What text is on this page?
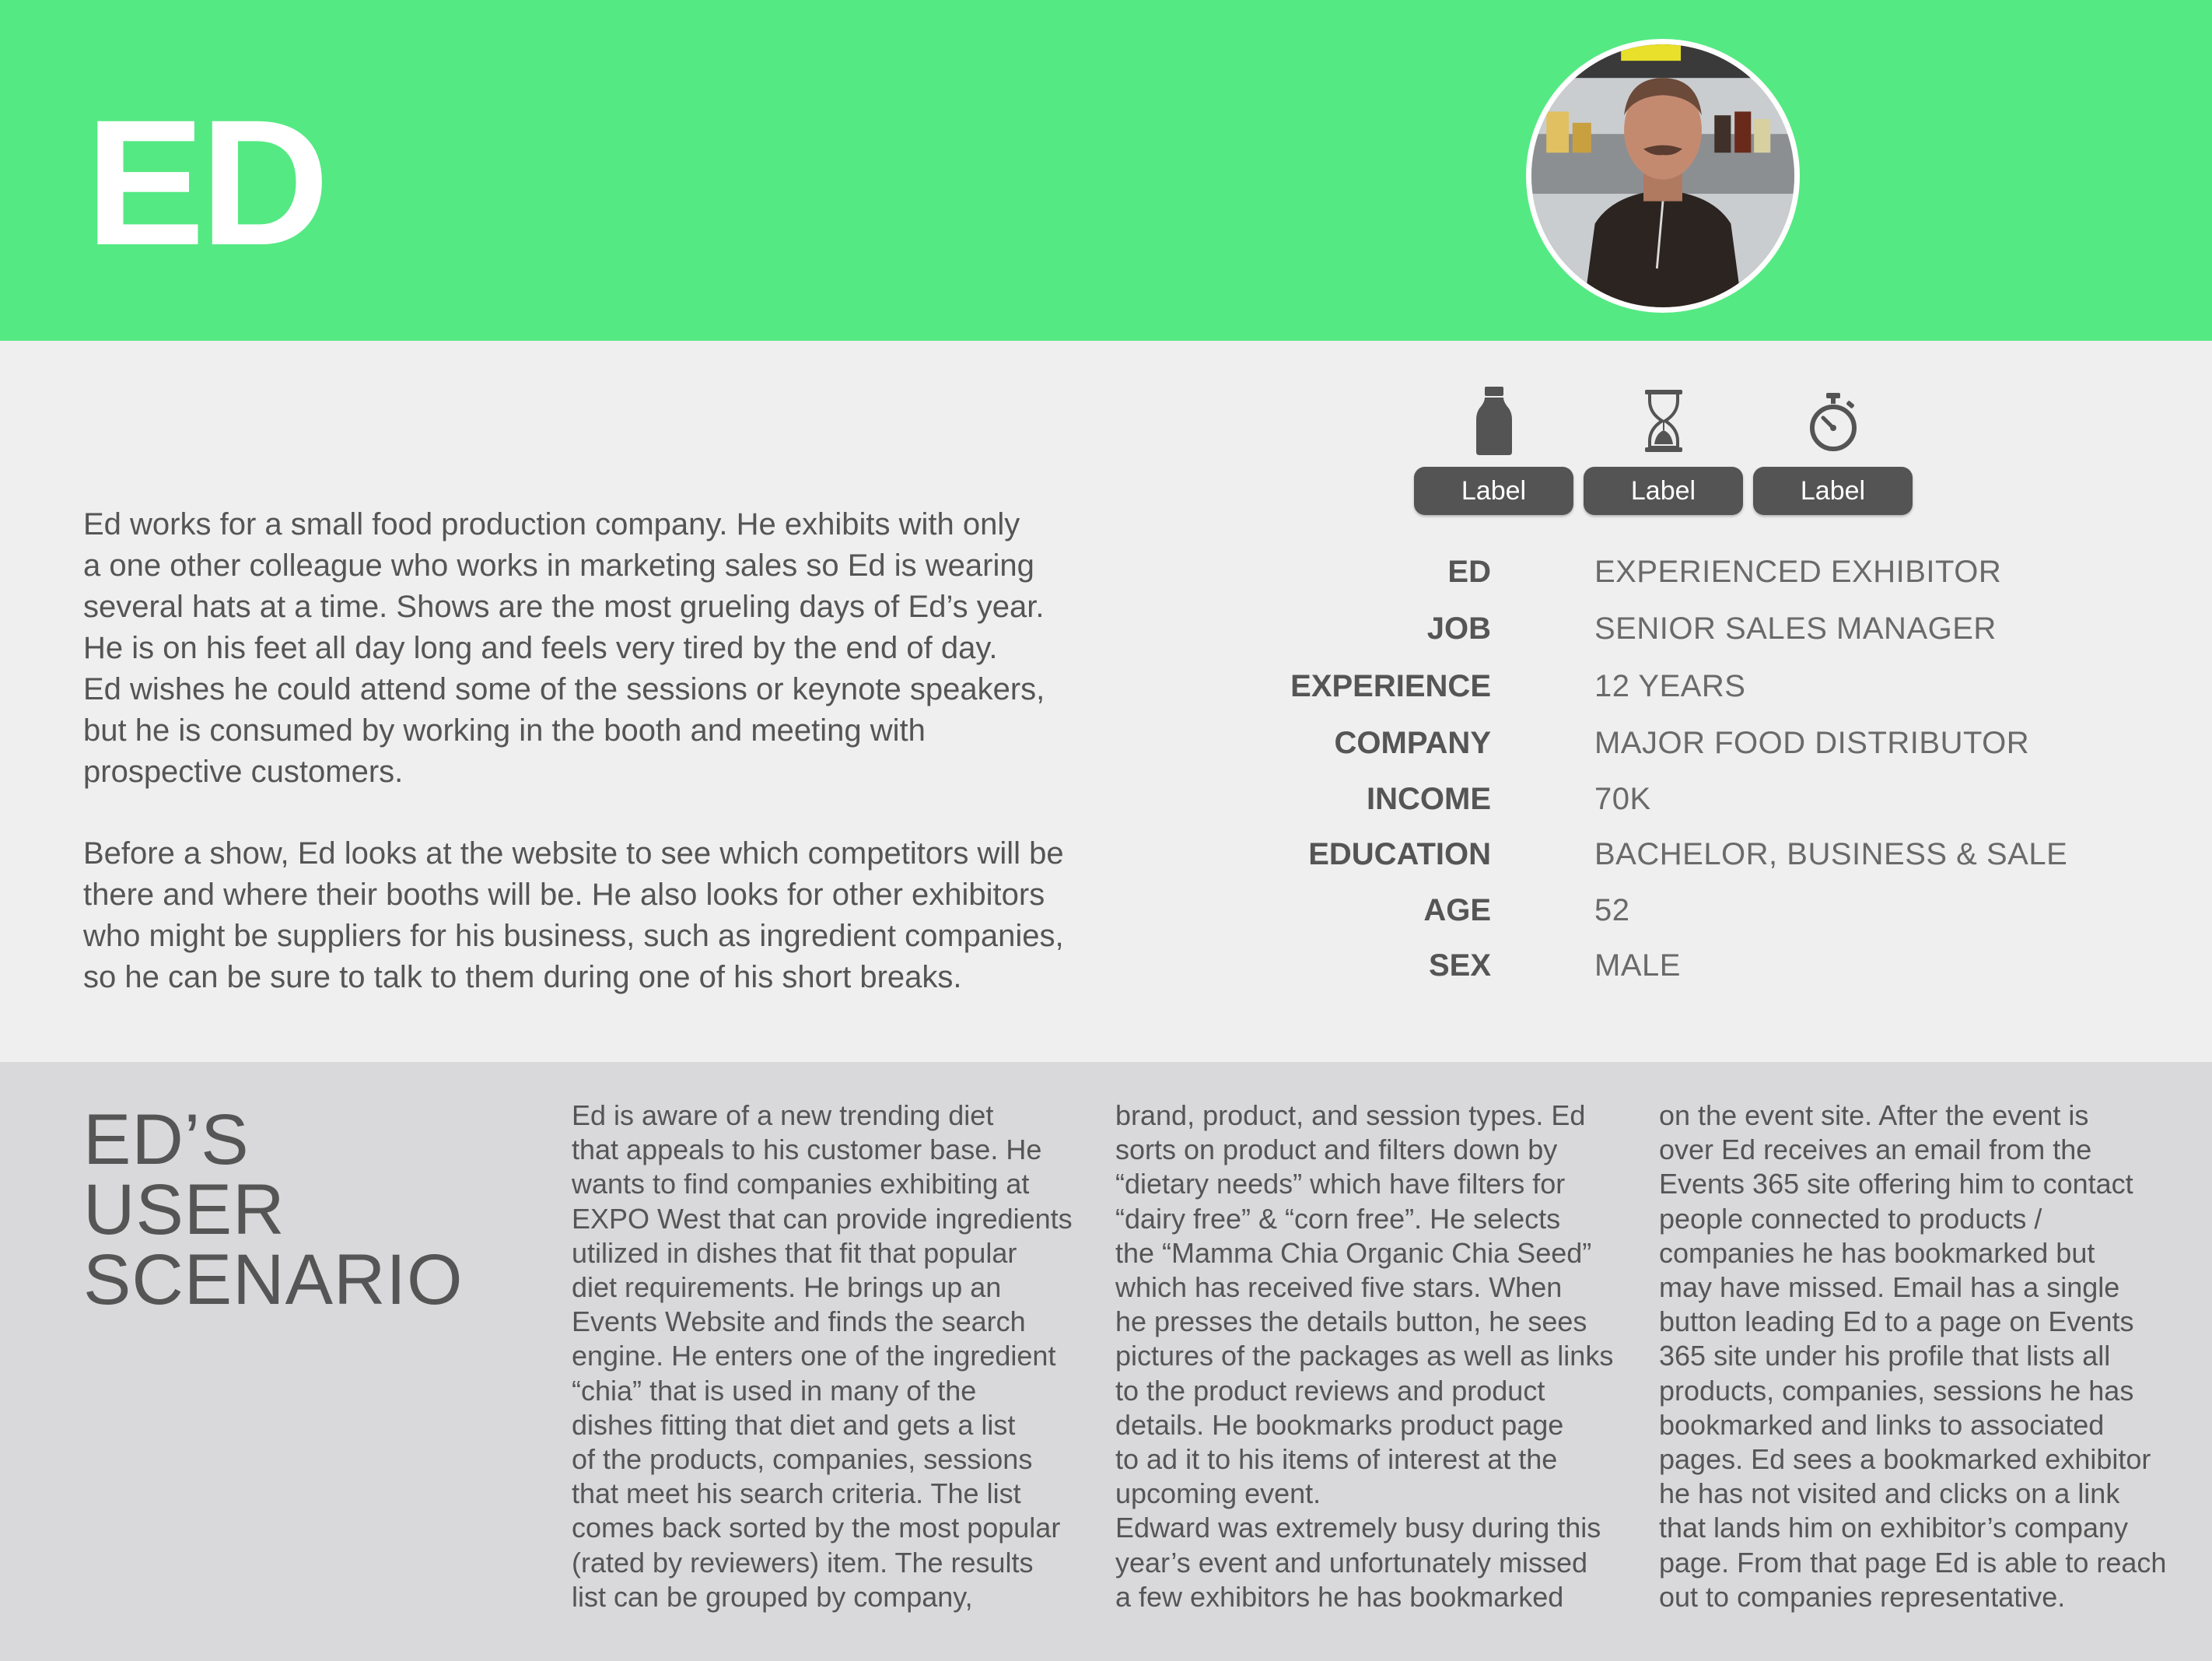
ED

Ed works for a small food production company. He exhibits with only
a one other colleague who works in marketing sales so Ed is wearing
several hats at a time. Shows are the most grueling days of Ed’s year.
He is on his feet all day long and feels very tired by the end of day.
Ed wishes he could attend some of the sessions or keynote speakers,
but he is consumed by working in the booth and meeting with
prospective customers.

Before a show, Ed looks at the website to see which competitors will be
there and where their booths will be. He also looks for other exhibitors
who might be suppliers for his business, such as ingredient companies,
so he can be sure to talk to them during one of his short breaks.

Label	Label	Label
ED	EXPERIENCED EXHIBITOR
JOB	SENIOR SALES MANAGER
EXPERIENCE	12 YEARS
COMPANY	MAJOR FOOD DISTRIBUTOR
INCOME	70K
EDUCATION	BACHELOR, BUSINESS & SALE
AGE	52
SEX	MALE
ED’S
USER
SCENARIO
Ed is aware of a new trending diet
that appeals to his customer base. He
wants to find companies exhibiting at
EXPO West that can provide ingredients
utilized in dishes that fit that popular
diet requirements. He brings up an
Events Website and finds the search
engine. He enters one of the ingredient
“chia” that is used in many of the
dishes fitting that diet and gets a list
of the products, companies, sessions
that meet his search criteria. The list
comes back sorted by the most popular
(rated by reviewers) item. The results
list can be grouped by company,
brand, product, and session types. Ed
sorts on product and filters down by
“dietary needs” which have filters for
“dairy free” & “corn free”. He selects
the “Mamma Chia Organic Chia Seed”
which has received five stars. When
he presses the details button, he sees
pictures of the packages as well as links
to the product reviews and product
details. He bookmarks product page
to ad it to his items of interest at the
upcoming event.
Edward was extremely busy during this
year’s event and unfortunately missed
a few exhibitors he has bookmarked
on the event site. After the event is
over Ed receives an email from the
Events 365 site offering him to contact
people connected to products /
companies he has bookmarked but
may have missed. Email has a single
button leading Ed to a page on Events
365 site under his profile that lists all
products, companies, sessions he has
bookmarked and links to associated
pages. Ed sees a bookmarked exhibitor
he has not visited and clicks on a link
that lands him on exhibitor’s company
page. From that page Ed is able to reach
out to companies representative.
